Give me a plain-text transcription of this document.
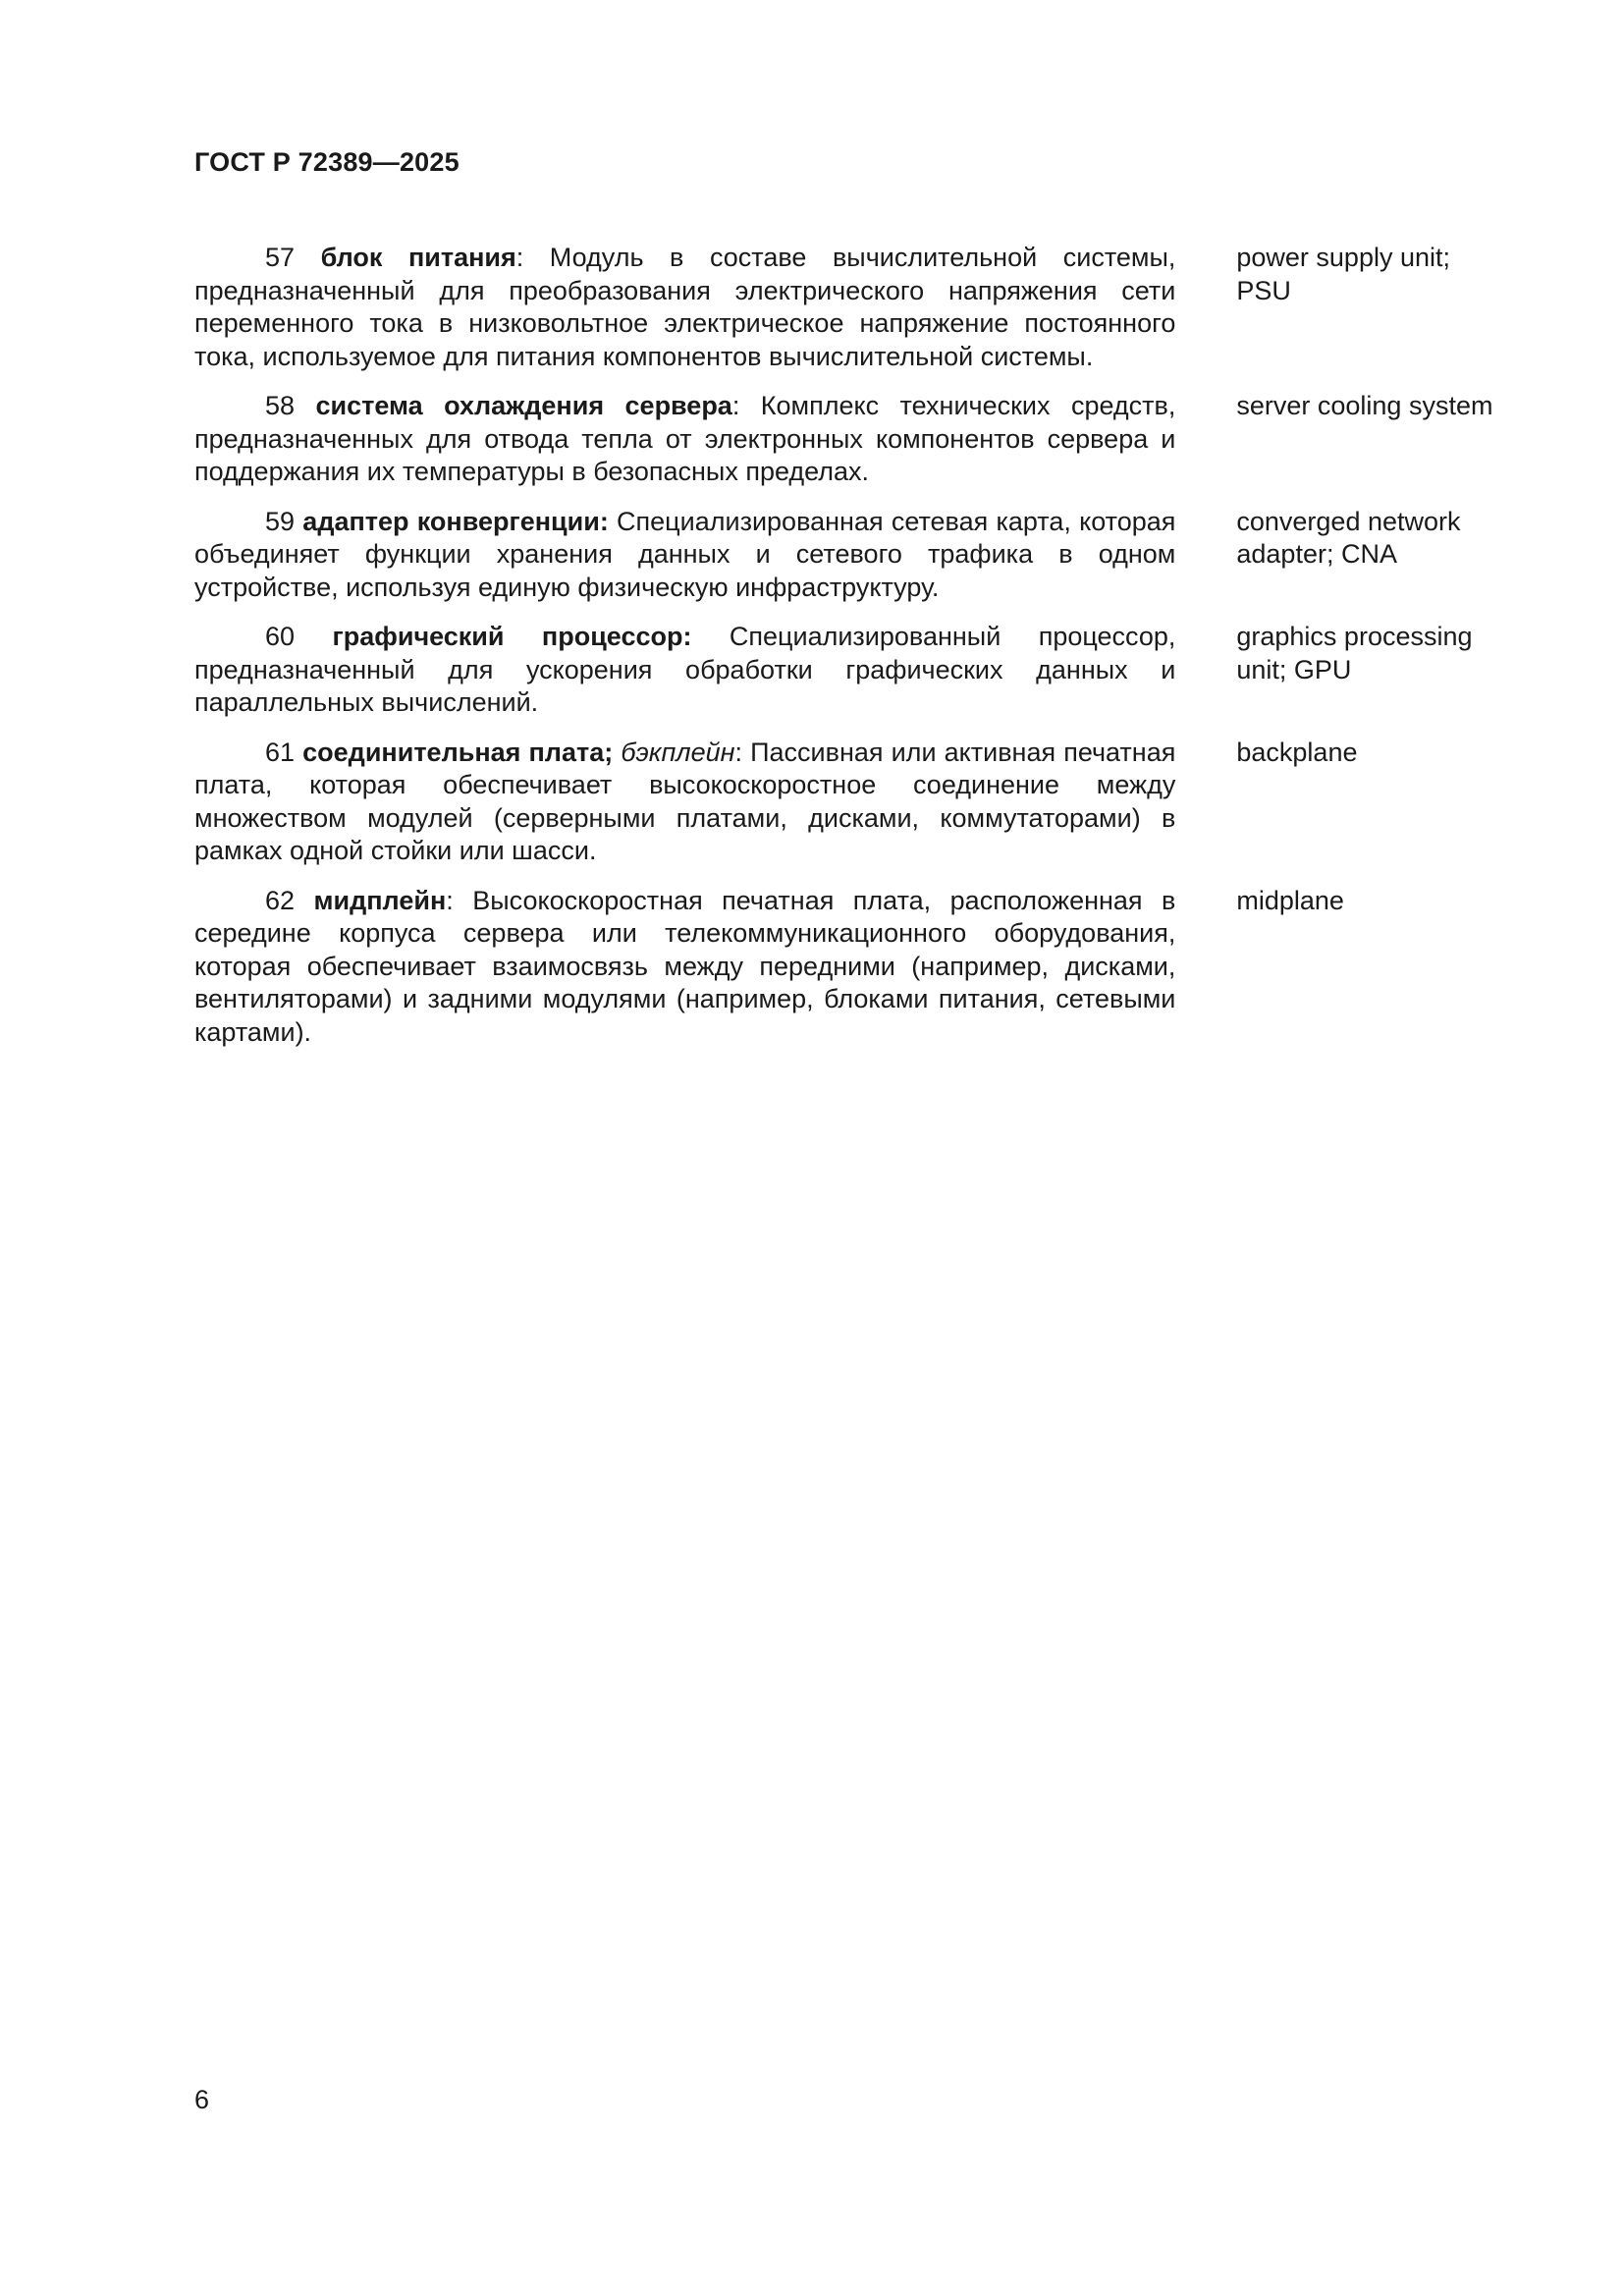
ГОСТ Р 72389—2025
57 блок питания: Модуль в составе вычислительной системы, предназначенный для преобразования электрического напряжения сети переменного тока в низковольтное электрическое напряжение постоянного тока, используемое для питания компонентов вычислительной системы.
power supply unit;
PSU
58 система охлаждения сервера: Комплекс технических средств, предназначенных для отвода тепла от электронных компонентов сервера и поддержания их температуры в безопасных пределах.
server cooling system
59 адаптер конвергенции: Специализированная сетевая карта, которая объединяет функции хранения данных и сетевого трафика в одном устройстве, используя единую физическую инфраструктуру.
converged network
adapter; CNA
60 графический процессор: Специализированный процессор, предназначенный для ускорения обработки графических данных и параллельных вычислений.
graphics processing
unit; GPU
61 соединительная плата; бэкплейн: Пассивная или активная печатная плата, которая обеспечивает высокоскоростное соединение между множеством модулей (серверными платами, дисками, коммутаторами) в рамках одной стойки или шасси.
backplane
62 мидплейн: Высокоскоростная печатная плата, расположенная в середине корпуса сервера или телекоммуникационного оборудования, которая обеспечивает взаимосвязь между передними (например, дисками, вентиляторами) и задними модулями (например, блоками питания, сетевыми картами).
midplane
6
